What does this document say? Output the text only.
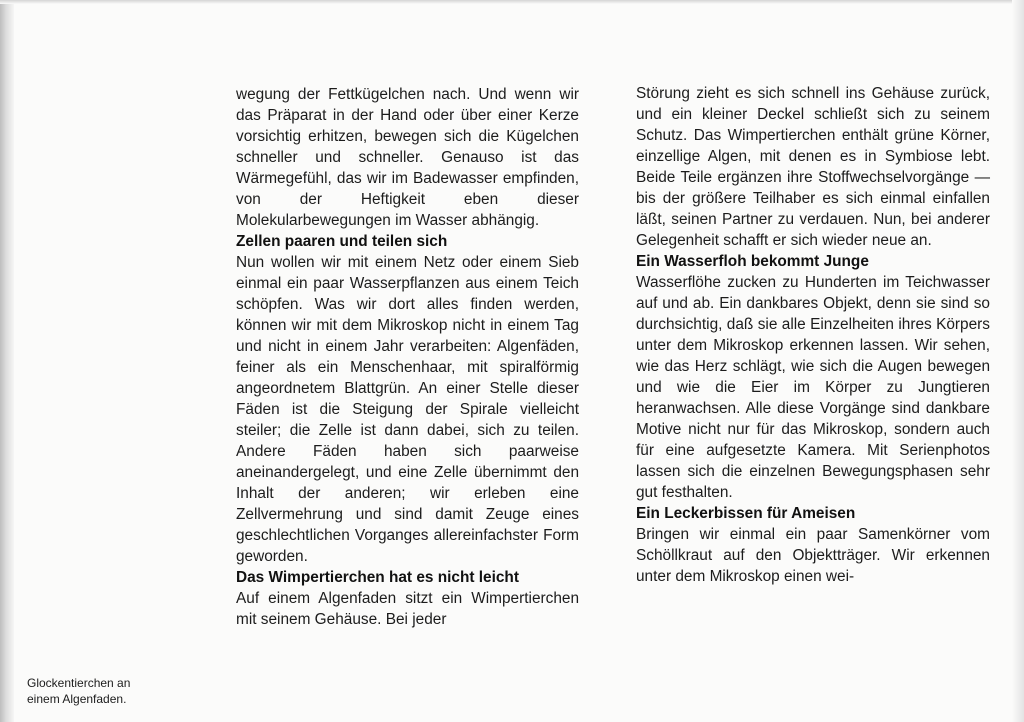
wegung der Fettkügelchen nach. Und wenn wir das Präparat in der Hand oder über einer Kerze vorsichtig erhitzen, bewegen sich die Kügelchen schneller und schneller. Genauso ist das Wärmegefühl, das wir im Badewasser empfinden, von der Heftigkeit eben dieser Molekularbewegungen im Wasser abhängig.

Zellen paaren und teilen sich

Nun wollen wir mit einem Netz oder einem Sieb einmal ein paar Wasserpflanzen aus einem Teich schöpfen. Was wir dort alles finden werden, können wir mit dem Mikroskop nicht in einem Tag und nicht in einem Jahr verarbeiten: Algenfäden, feiner als ein Menschenhaar, mit spiralförmig angeordnetem Blattgrün. An einer Stelle dieser Fäden ist die Steigung der Spirale vielleicht steiler; die Zelle ist dann dabei, sich zu teilen. Andere Fäden haben sich paarweise aneinandergelegt, und eine Zelle übernimmt den Inhalt der anderen; wir erleben eine Zellvermehrung und sind damit Zeuge eines geschlechtlichen Vorganges allereinfachster Form geworden.

Das Wimpertierchen hat es nicht leicht

Auf einem Algenfaden sitzt ein Wimpertierchen mit seinem Gehäuse. Bei jeder

Störung zieht es sich schnell ins Gehäuse zurück, und ein kleiner Deckel schließt sich zu seinem Schutz. Das Wimpertierchen enthält grüne Körner, einzellige Algen, mit denen es in Symbiose lebt. Beide Teile ergänzen ihre Stoffwechselvorgänge — bis der größere Teilhaber es sich einmal einfallen läßt, seinen Partner zu verdauen. Nun, bei anderer Gelegenheit schafft er sich wieder neue an.

Ein Wasserfloh bekommt Junge

Wasserflöhe zucken zu Hunderten im Teichwasser auf und ab. Ein dankbares Objekt, denn sie sind so durchsichtig, daß sie alle Einzelheiten ihres Körpers unter dem Mikroskop erkennen lassen. Wir sehen, wie das Herz schlägt, wie sich die Augen bewegen und wie die Eier im Körper zu Jungtieren heranwachsen. Alle diese Vorgänge sind dankbare Motive nicht nur für das Mikroskop, sondern auch für eine aufgesetzte Kamera. Mit Serienphotos lassen sich die einzelnen Bewegungsphasen sehr gut festhalten.

Ein Leckerbissen für Ameisen

Bringen wir einmal ein paar Samenkörner vom Schöllkraut auf den Objektträger. Wir erkennen unter dem Mikroskop einen wei-

Glockentierchen an
einem Algenfaden.
